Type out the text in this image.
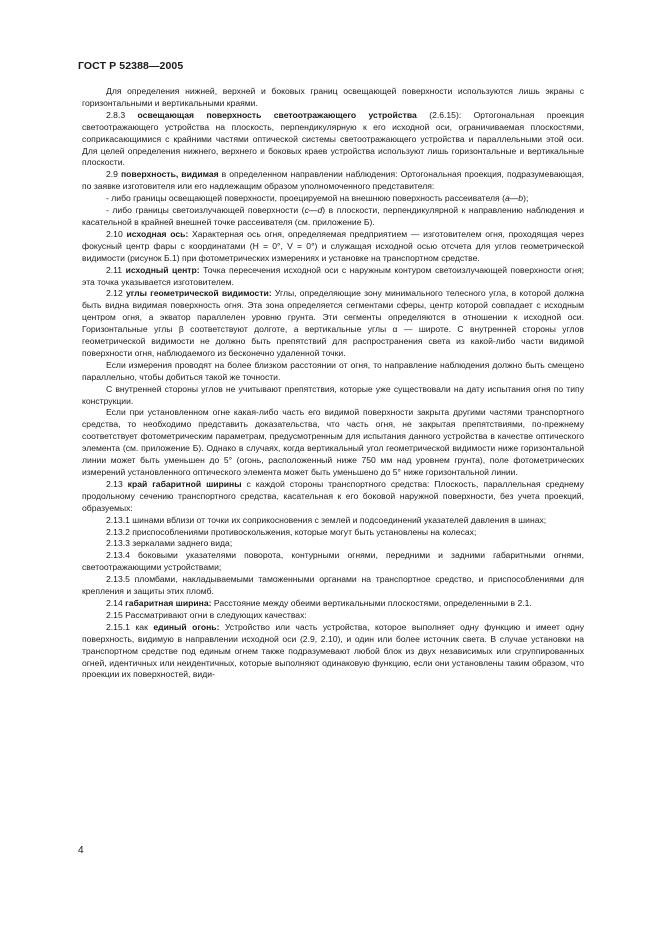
ГОСТ Р 52388—2005

Для определения нижней, верхней и боковых границ освещающей поверхности используются лишь экраны с горизонтальными и вертикальными краями.

2.8.3 освещающая поверхность светоотражающего устройства (2.6.15): Ортогональная проекция светоотражающего устройства на плоскость, перпендикулярную к его исходной оси, ограничиваемая плоскостями, соприкасающимися с крайними частями оптической системы светоотражающего устройства и параллельными этой оси. Для целей определения нижнего, верхнего и боковых краев устройства используют лишь горизонтальные и вертикальные плоскости.

2.9 поверхность, видимая в определенном направлении наблюдения: Ортогональная проекция, подразумевающая, по заявке изготовителя или его надлежащим образом уполномоченного представителя:

- либо границы освещающей поверхности, проецируемой на внешнюю поверхность рассеивателя (a—b);

- либо границы светоизлучающей поверхности (c—d) в плоскости, перпендикулярной к направлению наблюдения и касательной в крайней внешней точке рассеивателя (см. приложение Б).

2.10 исходная ось: Характерная ось огня, определяемая предприятием — изготовителем огня, проходящая через фокусный центр фары с координатами (H = 0°, V = 0°) и служащая исходной осью отсчета для углов геометрической видимости (рисунок Б.1) при фотометрических измерениях и установке на транспортном средстве.

2.11 исходный центр: Точка пересечения исходной оси с наружным контуром светоизлучающей поверхности огня; эта точка указывается изготовителем.

2.12 углы геометрической видимости: Углы, определяющие зону минимального телесного угла, в которой должна быть видна видимая поверхность огня. Эта зона определяется сегментами сферы, центр которой совпадает с исходным центром огня, а экватор параллелен уровню грунта. Эти сегменты определяются в отношении к исходной оси. Горизонтальные углы β соответствуют долготе, а вертикальные углы α — широте. С внутренней стороны углов геометрической видимости не должно быть препятствий для распространения света из какой-либо части видимой поверхности огня, наблюдаемого из бесконечно удаленной точки.

Если измерения проводят на более близком расстоянии от огня, то направление наблюдения должно быть смещено параллельно, чтобы добиться такой же точности.

С внутренней стороны углов не учитывают препятствия, которые уже существовали на дату испытания огня по типу конструкции.

Если при установленном огне какая-либо часть его видимой поверхности закрыта другими частями транспортного средства, то необходимо представить доказательства, что часть огня, не закрытая препятствиями, по-прежнему соответствует фотометрическим параметрам, предусмотренным для испытания данного устройства в качестве оптического элемента (см. приложение Б). Однако в случаях, когда вертикальный угол геометрической видимости ниже горизонтальной линии может быть уменьшен до 5° (огонь, расположенный ниже 750 мм над уровнем грунта), поле фотометрических измерений установленного оптического элемента может быть уменьшено до 5° ниже горизонтальной линии.

2.13 край габаритной ширины с каждой стороны транспортного средства: Плоскость, параллельная среднему продольному сечению транспортного средства, касательная к его боковой наружной поверхности, без учета проекций, образуемых:

2.13.1 шинами вблизи от точки их соприкосновения с землей и подсоединений указателей давления в шинах;

2.13.2 приспособлениями противоскольжения, которые могут быть установлены на колесах;

2.13.3 зеркалами заднего вида;

2.13.4 боковыми указателями поворота, контурными огнями, передними и задними габаритными огнями, светоотражающими устройствами;

2.13.5 пломбами, накладываемыми таможенными органами на транспортное средство, и приспособлениями для крепления и защиты этих пломб.

2.14 габаритная ширина: Расстояние между обеими вертикальными плоскостями, определенными в 2.1.

2.15 Рассматривают огни в следующих качествах:

2.15.1 как единый огонь: Устройство или часть устройства, которое выполняет одну функцию и имеет одну поверхность, видимую в направлении исходной оси (2.9, 2.10), и один или более источник света. В случае установки на транспортном средстве под единым огнем также подразумевают любой блок из двух независимых или сгруппированных огней, идентичных или неидентичных, которые выполняют одинаковую функцию, если они установлены таким образом, что проекции их поверхностей, види-

4
